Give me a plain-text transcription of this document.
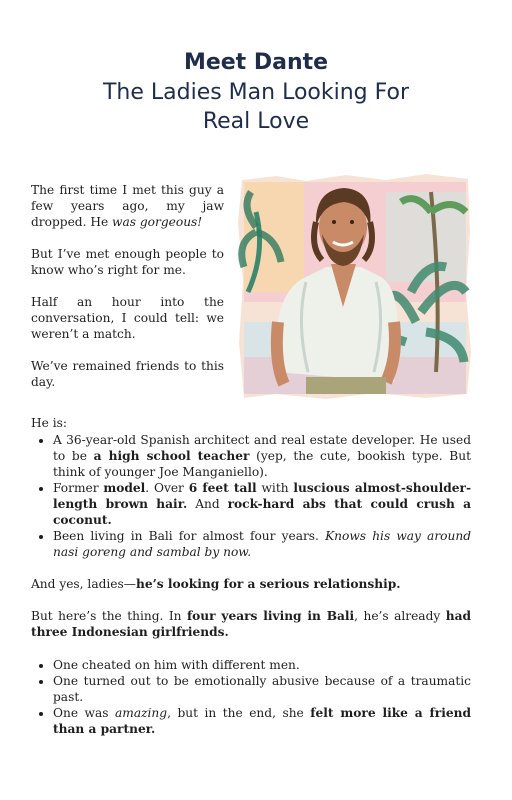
Meet Dante
The Ladies Man Looking For
Real Love

The first time I met this guy a few years ago, my jaw dropped. He was gorgeous!

But I’ve met enough people to know who’s right for me.

Half an hour into the conversation, I could tell: we weren’t a match.

We’ve remained friends to this day.

He is:

• A 36-year-old Spanish architect and real estate developer. He used to be a high school teacher (yep, the cute, bookish type. But think of younger Joe Manganiello).
• Former model. Over 6 feet tall with luscious almost-shoulder-length brown hair. And rock-hard abs that could crush a coconut.
• Been living in Bali for almost four years. Knows his way around nasi goreng and sambal by now.

And yes, ladies—he’s looking for a serious relationship.

But here’s the thing. In four years living in Bali, he’s already had three Indonesian girlfriends.

• One cheated on him with different men.
• One turned out to be emotionally abusive because of a traumatic past.
• One was amazing, but in the end, she felt more like a friend than a partner.
